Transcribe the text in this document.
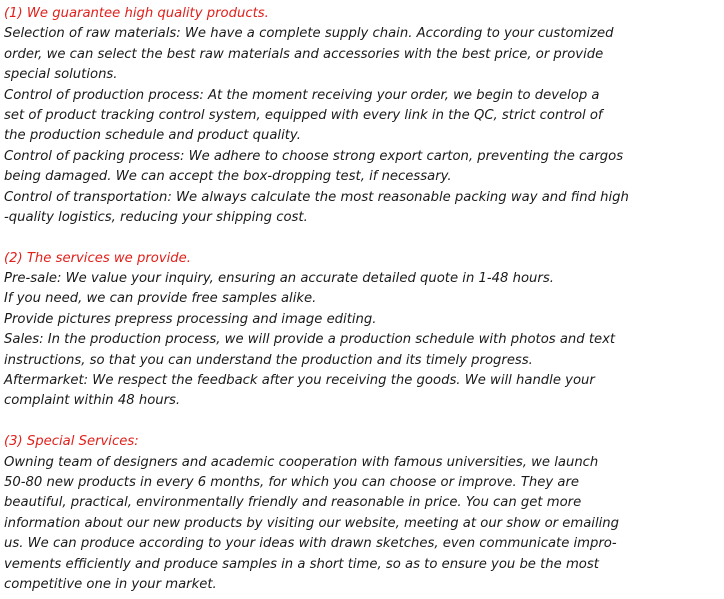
(1) We guarantee high quality products.
Selection of raw materials: We have a complete supply chain. According to your customized
order, we can select the best raw materials and accessories with the best price, or provide
special solutions.
Control of production process: At the moment receiving your order, we begin to develop a
set of product tracking control system, equipped with every link in the QC, strict control of
the production schedule and product quality.
Control of packing process: We adhere to choose strong export carton, preventing the cargos
being damaged. We can accept the box-dropping test, if necessary.
Control of transportation: We always calculate the most reasonable packing way and find high
-quality logistics, reducing your shipping cost.
(2) The services we provide.
Pre-sale: We value your inquiry, ensuring an accurate detailed quote in 1-48 hours.
If you need, we can provide free samples alike.
Provide pictures prepress processing and image editing.
Sales: In the production process, we will provide a production schedule with photos and text
instructions, so that you can understand the production and its timely progress.
Aftermarket: We respect the feedback after you receiving the goods. We will handle your
complaint within 48 hours.
(3) Special Services:
Owning team of designers and academic cooperation with famous universities, we launch
50-80 new products in every 6 months, for which you can choose or improve. They are
beautiful, practical, environmentally friendly and reasonable in price. You can get more
information about our new products by visiting our website, meeting at our show or emailing
us. We can produce according to your ideas with drawn sketches, even communicate impro-
vements efficiently and produce samples in a short time, so as to ensure you be the most
competitive one in your market.
